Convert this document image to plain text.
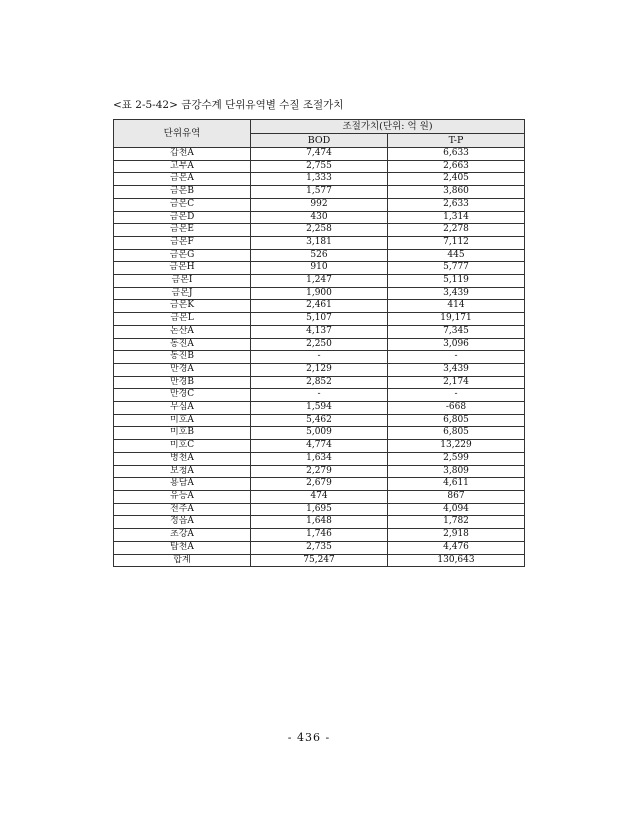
<표 2-5-42> 금강수계 단위유역별 수질 조절가치
단위유역	조절가치(단위: 억 원)	
	BOD	T-P
갑천A	7,474	6,633
고부A	2,755	2,663
금본A	1,333	2,405
금본B	1,577	3,860
금본C	992	2,633
금본D	430	1,314
금본E	2,258	2,278
금본F	3,181	7,112
금본G	526	445
금본H	910	5,777
금본I	1,247	5,119
금본J	1,900	3,439
금본K	2,461	414
금본L	5,107	19,171
논산A	4,137	7,345
동진A	2,250	3,096
동진B	-	-
만경A	2,129	3,439
만경B	2,852	2,174
만경C	-	-
무심A	1,594	-668
미호A	5,462	6,805
미호B	5,009	6,805
미호C	4,774	13,229
병천A	1,634	2,599
보청A	2,279	3,809
용담A	2,679	4,611
유등A	474	867
전주A	1,695	4,094
정읍A	1,648	1,782
초강A	1,746	2,918
탑천A	2,735	4,476
합계	75,247	130,643
- 436 -
